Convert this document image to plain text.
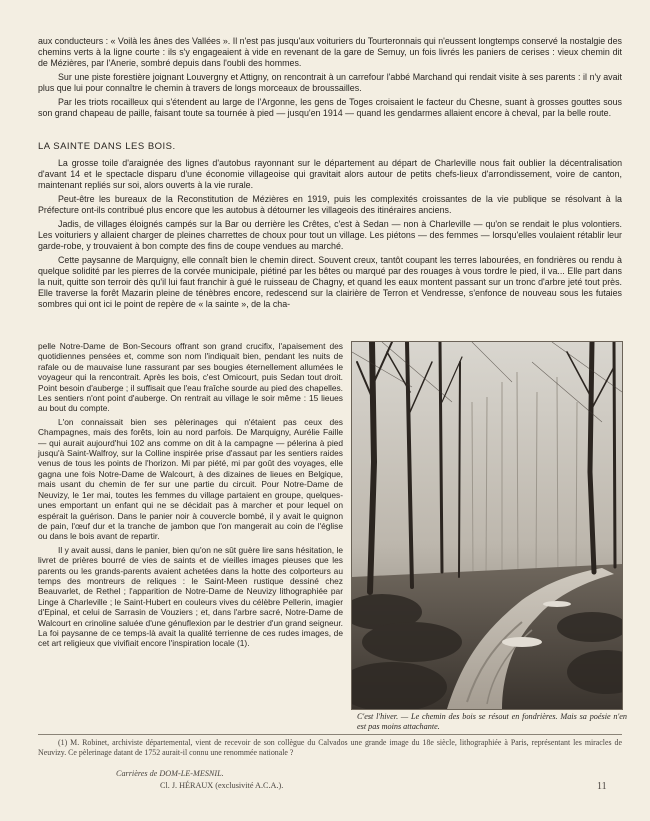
aux conducteurs : « Voilà les ânes des Vallées ». Il n'est pas jusqu'aux voituriers du Tourteronnais qui n'eussent longtemps conservé la nostalgie des chemins verts à la ligne courte : ils s'y engageaient à vide en revenant de la gare de Semuy, un fois livrés les paniers de cerises : vieux chemin dit de Mézières, par l'Anerie, sombré depuis dans l'oubli des hommes.

Sur une piste forestière joignant Louvergny et Attigny, on rencontrait à un carrefour l'abbé Marchand qui rendait visite à ses parents : il n'y avait plus que lui pour connaître le chemin à travers de longs morceaux de broussailles.

Par les triots rocailleux qui s'étendent au large de l'Argonne, les gens de Toges croisaient le facteur du Chesne, suant à grosses gouttes sous son grand chapeau de paille, faisant toute sa tournée à pied — jusqu'en 1914 — quand les gendarmes allaient encore à cheval, par la belle route.

LA SAINTE DANS LES BOIS.

La grosse toile d'araignée des lignes d'autobus rayonnant sur le département au départ de Charleville nous fait oublier la décentralisation d'avant 14 et le spectacle disparu d'une économie villageoise qui gravitait alors autour de petits chefs-lieux d'arrondissement, voire de canton, maintenant repliés sur soi, alors ouverts à la vie rurale.

Peut-être les bureaux de la Reconstitution de Mézières en 1919, puis les complexités croissantes de la vie publique se résolvant à la Préfecture ont-ils contribué plus encore que les autobus à détourner les villageois des itinéraires anciens.

Jadis, de villages éloignés campés sur la Bar ou derrière les Crêtes, c'est à Sedan — non à Charleville — qu'on se rendait le plus volontiers. Les voituriers y allaient charger de pleines charrettes de choux pour tout un village. Les piétons — des femmes — lorsqu'elles voulaient rétablir leur garde-robe, y trouvaient à bon compte des fins de coupe vendues au marché.

Cette paysanne de Marquigny, elle connaît bien le chemin direct. Souvent creux, tantôt coupant les terres labourées, en fondrières ou rendu à quelque solidité par les pierres de la corvée municipale, piétiné par les bêtes ou marqué par des rouages à vous tordre le pied, il va... Elle part dans la nuit, quitte son terroir dès qu'il lui faut franchir à gué le ruisseau de Chagny, et quand les eaux montent passant sur un tronc d'arbre jeté tout près. Elle traverse la forêt Mazarin pleine de ténèbres encore, redescend sur la clairière de Terron et Vendresse, s'enfonce de nouveau sous les futaies sombres qui ont ici le point de repère de « la sainte », de la cha-

pelle Notre-Dame de Bon-Secours offrant son grand crucifix, l'apaisement des quotidiennes pensées et, comme son nom l'indiquait bien, pendant les nuits de rafale ou de mauvaise lune rassurant par ses bougies éternellement allumées le voyageur qui la rencontrait. Après les bois, c'est Omicourt, puis Sedan tout droit. Point besoin d'auberge ; il suffisait que l'eau fraîche sourde au pied des chapelles. Les sentiers n'ont point d'auberge. On rentrait au village le soir même : 15 lieues au bout du compte.

L'on connaissait bien ses pèlerinages qui n'étaient pas ceux des Champagnes, mais des forêts, loin au nord parfois. De Marquigny, Aurélie Faille — qui aurait aujourd'hui 102 ans comme on dit à la campagne — pélerina à pied jusqu'à Saint-Walfroy, sur la Colline inspirée prise d'assaut par les sentiers raides venus de tous les points de l'horizon. Mi par piété, mi par goût des voyages, elle gagna une fois Notre-Dame de Walcourt, à des dizaines de lieues en Belgique, mais usant du chemin de fer sur une partie du circuit. Pour Notre-Dame de Neuvizy, le 1er mai, toutes les femmes du village partaient en groupe, quelques-unes emportant un enfant qui ne se décidait pas à marcher et pour lequel on espérait la guérison. Dans le panier noir à couvercle bombé, il y avait le quignon de pain, l'œuf dur et la tranche de jambon que l'on mangerait au coin de l'église ou dans le bois avant de repartir.

Il y avait aussi, dans le panier, bien qu'on ne sût guère lire sans hésitation, le livret de prières bourré de vies de saints et de vieilles images pieuses que les parents ou les grands-parents avaient achetées dans la hotte des colporteurs au temps des montreurs de reliques : le Saint-Meen rustique dessiné chez Beauvarlet, de Rethel ; l'apparition de Notre-Dame de Neuvizy lithographiée par Linge à Charleville ; le Saint-Hubert en couleurs vives du célèbre Pellerin, imagier d'Epinal, et celui de Sarrasin de Vouziers ; et, dans l'arbre sacré, Notre-Dame de Walcourt en crinoline saluée d'une génuflexion par le destrier d'un grand seigneur. La foi paysanne de ce temps-là avait la qualité terrienne de ces rudes images, de cet art religieux que vivifiait encore l'inspiration locale (1).

C'est l'hiver. — Le chemin des bois se résout en fondrières. Mais sa poésie n'en est pas moins attachante.
(1) M. Robinet, archiviste départemental, vient de recevoir de son collègue du Calvados une grande image du 18e siècle, lithographiée à Paris, représentant les miracles de Neuvizy. Ce pèlerinage datant de 1752 aurait-il connu une renommée nationale ?
Carrières de DOM-LE-MESNIL.
Cl. J. HÉRAUX (exclusivité A.C.A.).	11
